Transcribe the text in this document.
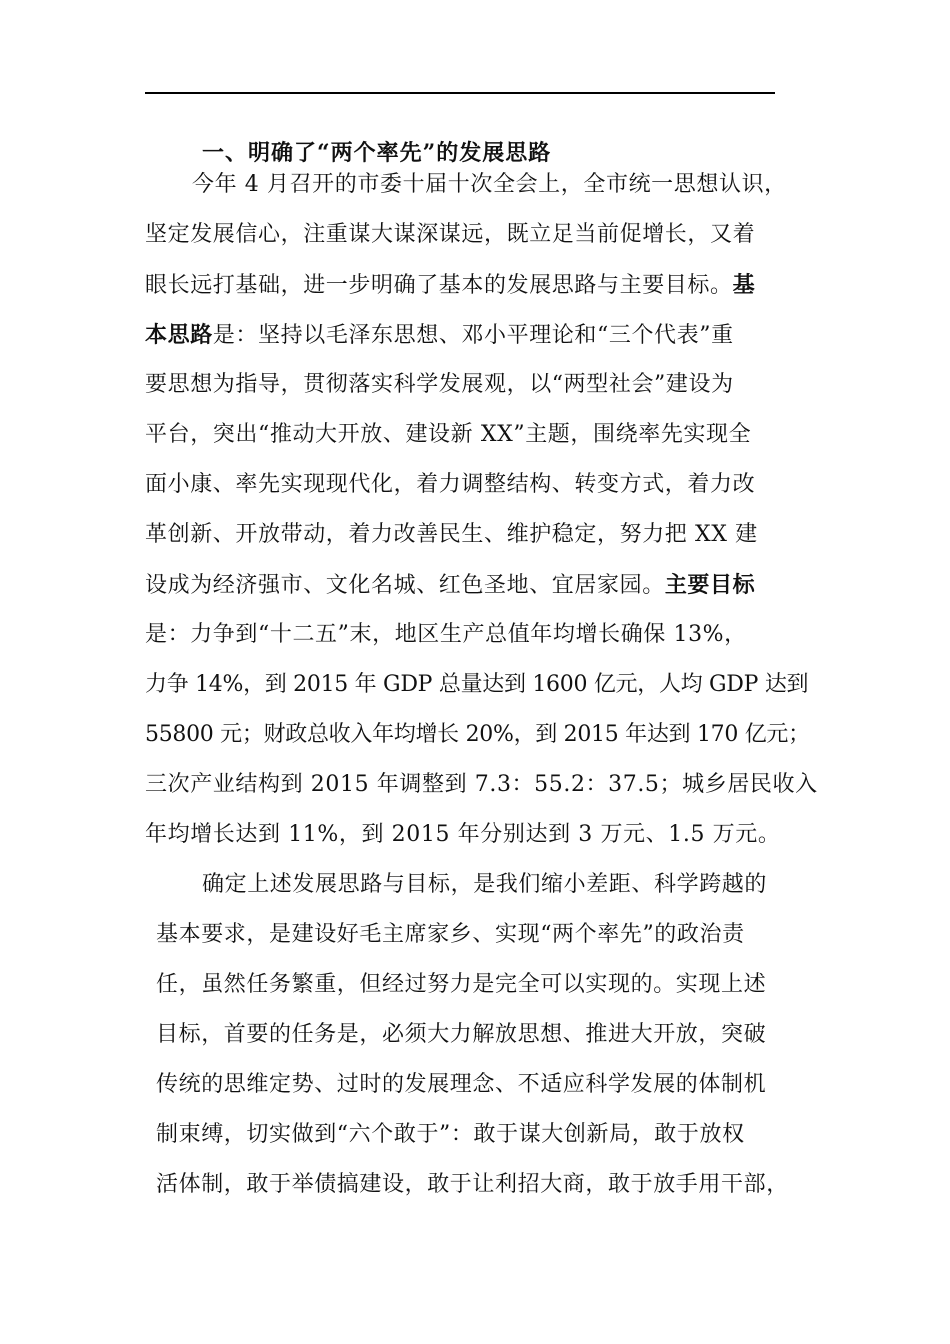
一、明确了“两个率先”的发展思路
今年 4 月召开的市委十届十次全会上，全市统一思想认识，
坚定发展信心，注重谋大谋深谋远，既立足当前促增长，又着
眼长远打基础，进一步明确了基本的发展思路与主要目标。基
本思路是：坚持以毛泽东思想、邓小平理论和“三个代表”重
要思想为指导，贯彻落实科学发展观，以“两型社会”建设为
平台，突出“推动大开放、建设新 XX”主题，围绕率先实现全
面小康、率先实现现代化，着力调整结构、转变方式，着力改
革创新、开放带动，着力改善民生、维护稳定，努力把 XX 建
设成为经济强市、文化名城、红色圣地、宜居家园。主要目标
是：力争到“十二五”末，地区生产总值年均增长确保 13%，
力争 14%，到 2015 年 GDP 总量达到 1600 亿元，人均 GDP 达到
55800 元；财政总收入年均增长 20%，到 2015 年达到 170 亿元；
三次产业结构到 2015 年调整到 7.3：55.2：37.5；城乡居民收入
年均增长达到 11%，到 2015 年分别达到 3 万元、1.5 万元。
确定上述发展思路与目标，是我们缩小差距、科学跨越的
基本要求，是建设好毛主席家乡、实现“两个率先”的政治责
任，虽然任务繁重，但经过努力是完全可以实现的。实现上述
目标，首要的任务是，必须大力解放思想、推进大开放，突破
传统的思维定势、过时的发展理念、不适应科学发展的体制机
制束缚，切实做到“六个敢于”：敢于谋大创新局，敢于放权
活体制，敢于举债搞建设，敢于让利招大商，敢于放手用干部，
